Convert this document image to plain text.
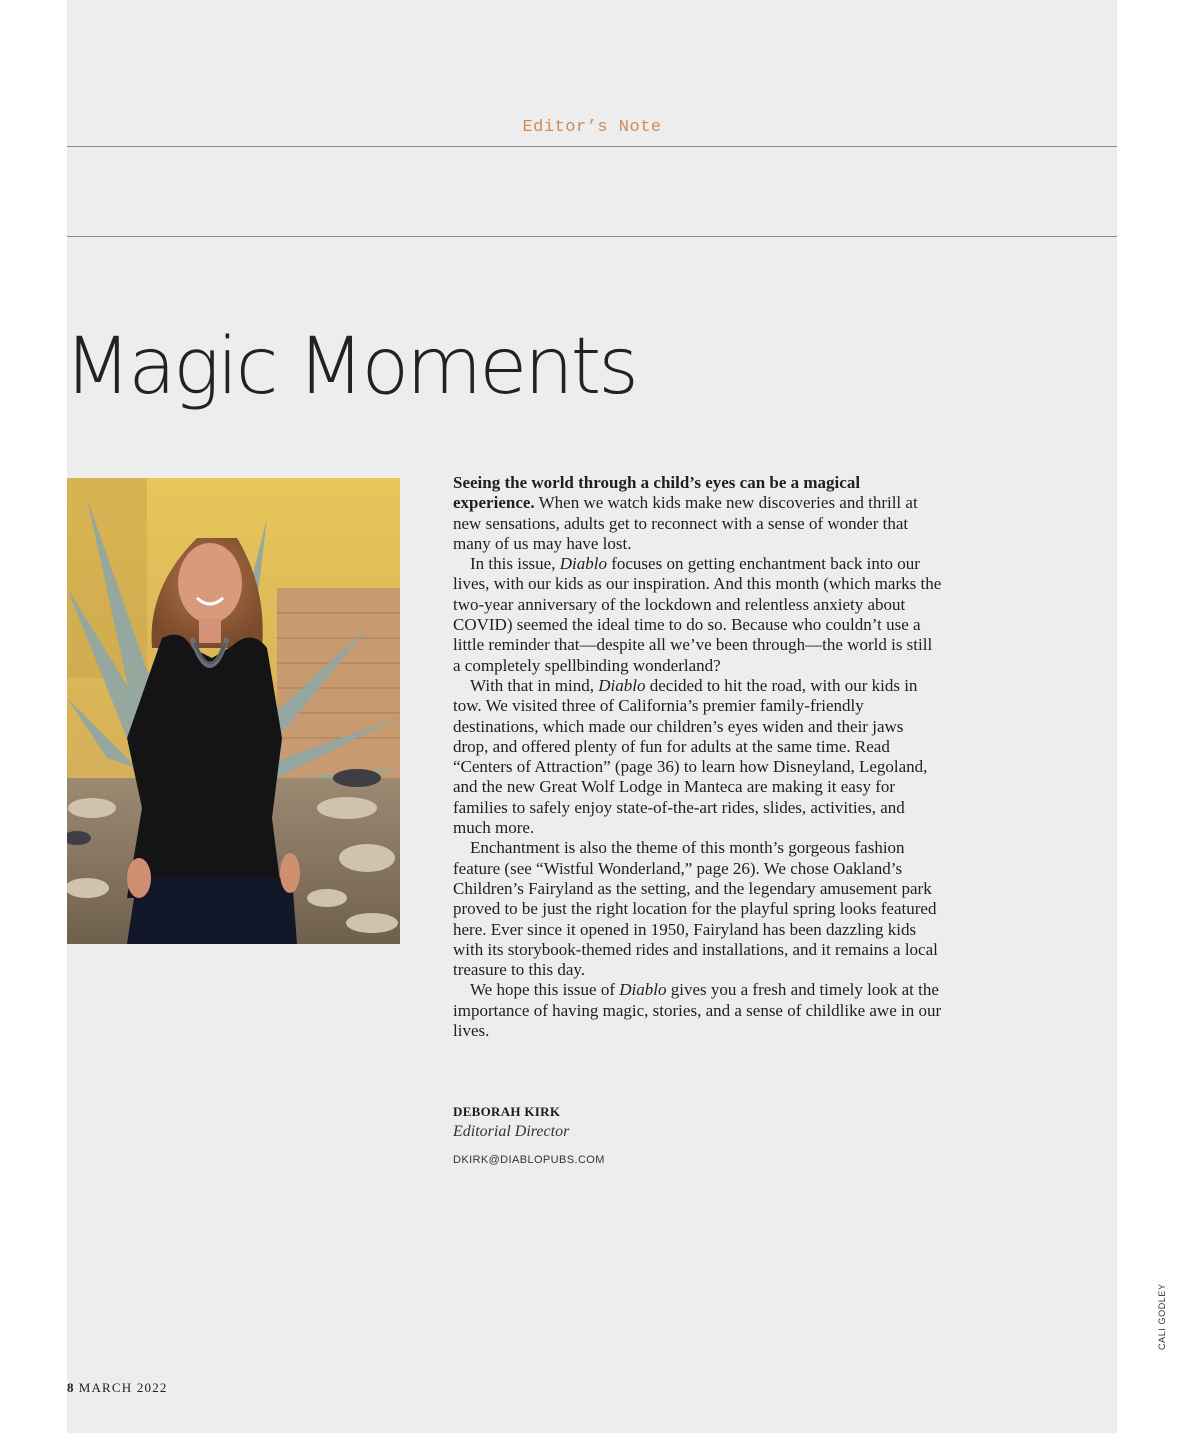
Editor’s Note
Magic Moments

Seeing the world through a child’s eyes can be a magical experience. When we watch kids make new discoveries and thrill at new sensations, adults get to reconnect with a sense of wonder that many of us may have lost.

In this issue, Diablo focuses on getting enchantment back into our lives, with our kids as our inspiration. And this month (which marks the two-year anniversary of the lockdown and relentless anxiety about COVID) seemed the ideal time to do so. Because who couldn’t use a little reminder that—despite all we’ve been through—the world is still a completely spellbinding wonderland?

With that in mind, Diablo decided to hit the road, with our kids in tow. We visited three of California’s premier family-friendly destinations, which made our children’s eyes widen and their jaws drop, and offered plenty of fun for adults at the same time. Read “Centers of Attraction” (page 36) to learn how Disneyland, Legoland, and the new Great Wolf Lodge in Manteca are making it easy for families to safely enjoy state-of-the-art rides, slides, activities, and much more.

Enchantment is also the theme of this month’s gorgeous fashion feature (see “Wistful Wonderland,” page 26). We chose Oakland’s Children’s Fairyland as the setting, and the legendary amusement park proved to be just the right location for the playful spring looks featured here. Ever since it opened in 1950, Fairyland has been dazzling kids with its storybook-themed rides and installations, and it remains a local treasure to this day.

We hope this issue of Diablo gives you a fresh and timely look at the importance of having magic, stories, and a sense of childlike awe in our lives.

DEBORAH KIRK
Editorial Director
DKIRK@DIABLOPUBS.COM
CALI GODLEY
8 MARCH 2022
